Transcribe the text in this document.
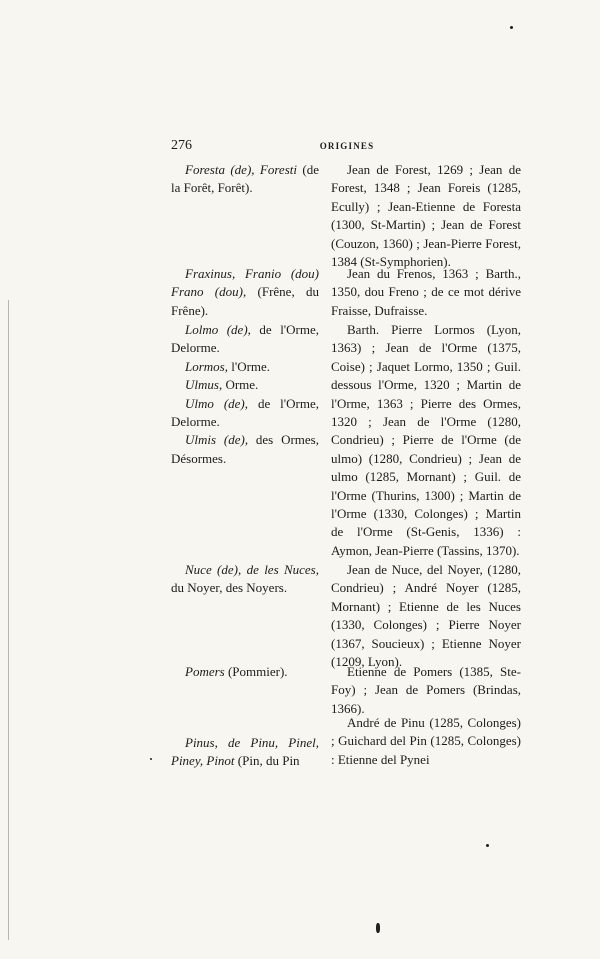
276	ORIGINES

Foresta (de), Foresti (de la Forêt, Forêt).

Jean de Forest, 1269 ; Jean de Forest, 1348 ; Jean Foreis (1285, Ecully) ; Jean-Etienne de Foresta (1300, St-Martin) ; Jean de Forest (Couzon, 1360) ; Jean-Pierre Forest, 1384 (St-Symphorien).

Fraxinus, Franio (dou) Frano (dou), (Frêne, du Frêne).

Jean du Frenos, 1363 ; Barth., 1350, dou Freno ; de ce mot dérive Fraisse, Dufraisse.

Lolmo (de), de l'Orme, Delorme.

Lormos, l'Orme.

Ulmus, Orme.

Ulmo (de), de l'Orme, Delorme.

Ulmis (de), des Ormes, Désormes.

Barth. Pierre Lormos (Lyon, 1363) ; Jean de l'Orme (1375, Coise) ; Jaquet Lormo, 1350 ; Guil. dessous l'Orme, 1320 ; Martin de l'Orme, 1363 ; Pierre des Ormes, 1320 ; Jean de l'Orme (1280, Condrieu) ; Pierre de l'Orme (de ulmo) (1280, Condrieu) ; Jean de ulmo (1285, Mornant) ; Guil. de l'Orme (Thurins, 1300) ; Martin de l'Orme (1330, Colonges) ; Martin de l'Orme (St-Genis, 1336) : Aymon, Jean-Pierre (Tassins, 1370).

Nuce (de), de les Nuces, du Noyer, des Noyers.

Jean de Nuce, del Noyer, (1280, Condrieu) ; André Noyer (1285, Mornant) ; Etienne de les Nuces (1330, Colonges) ; Pierre Noyer (1367, Soucieux) ; Etienne Noyer (1209, Lyon).

Pomers (Pommier).	Etienne de Pomers (1385, Ste-Foy) ; Jean de Pomers (Brindas, 1366).

Pinus, de Pinu, Pinel, Piney, Pinot (Pin, du Pin

André de Pinu (1285, Colonges) ; Guichard del Pin (1285, Colonges) : Etienne del Pynei
